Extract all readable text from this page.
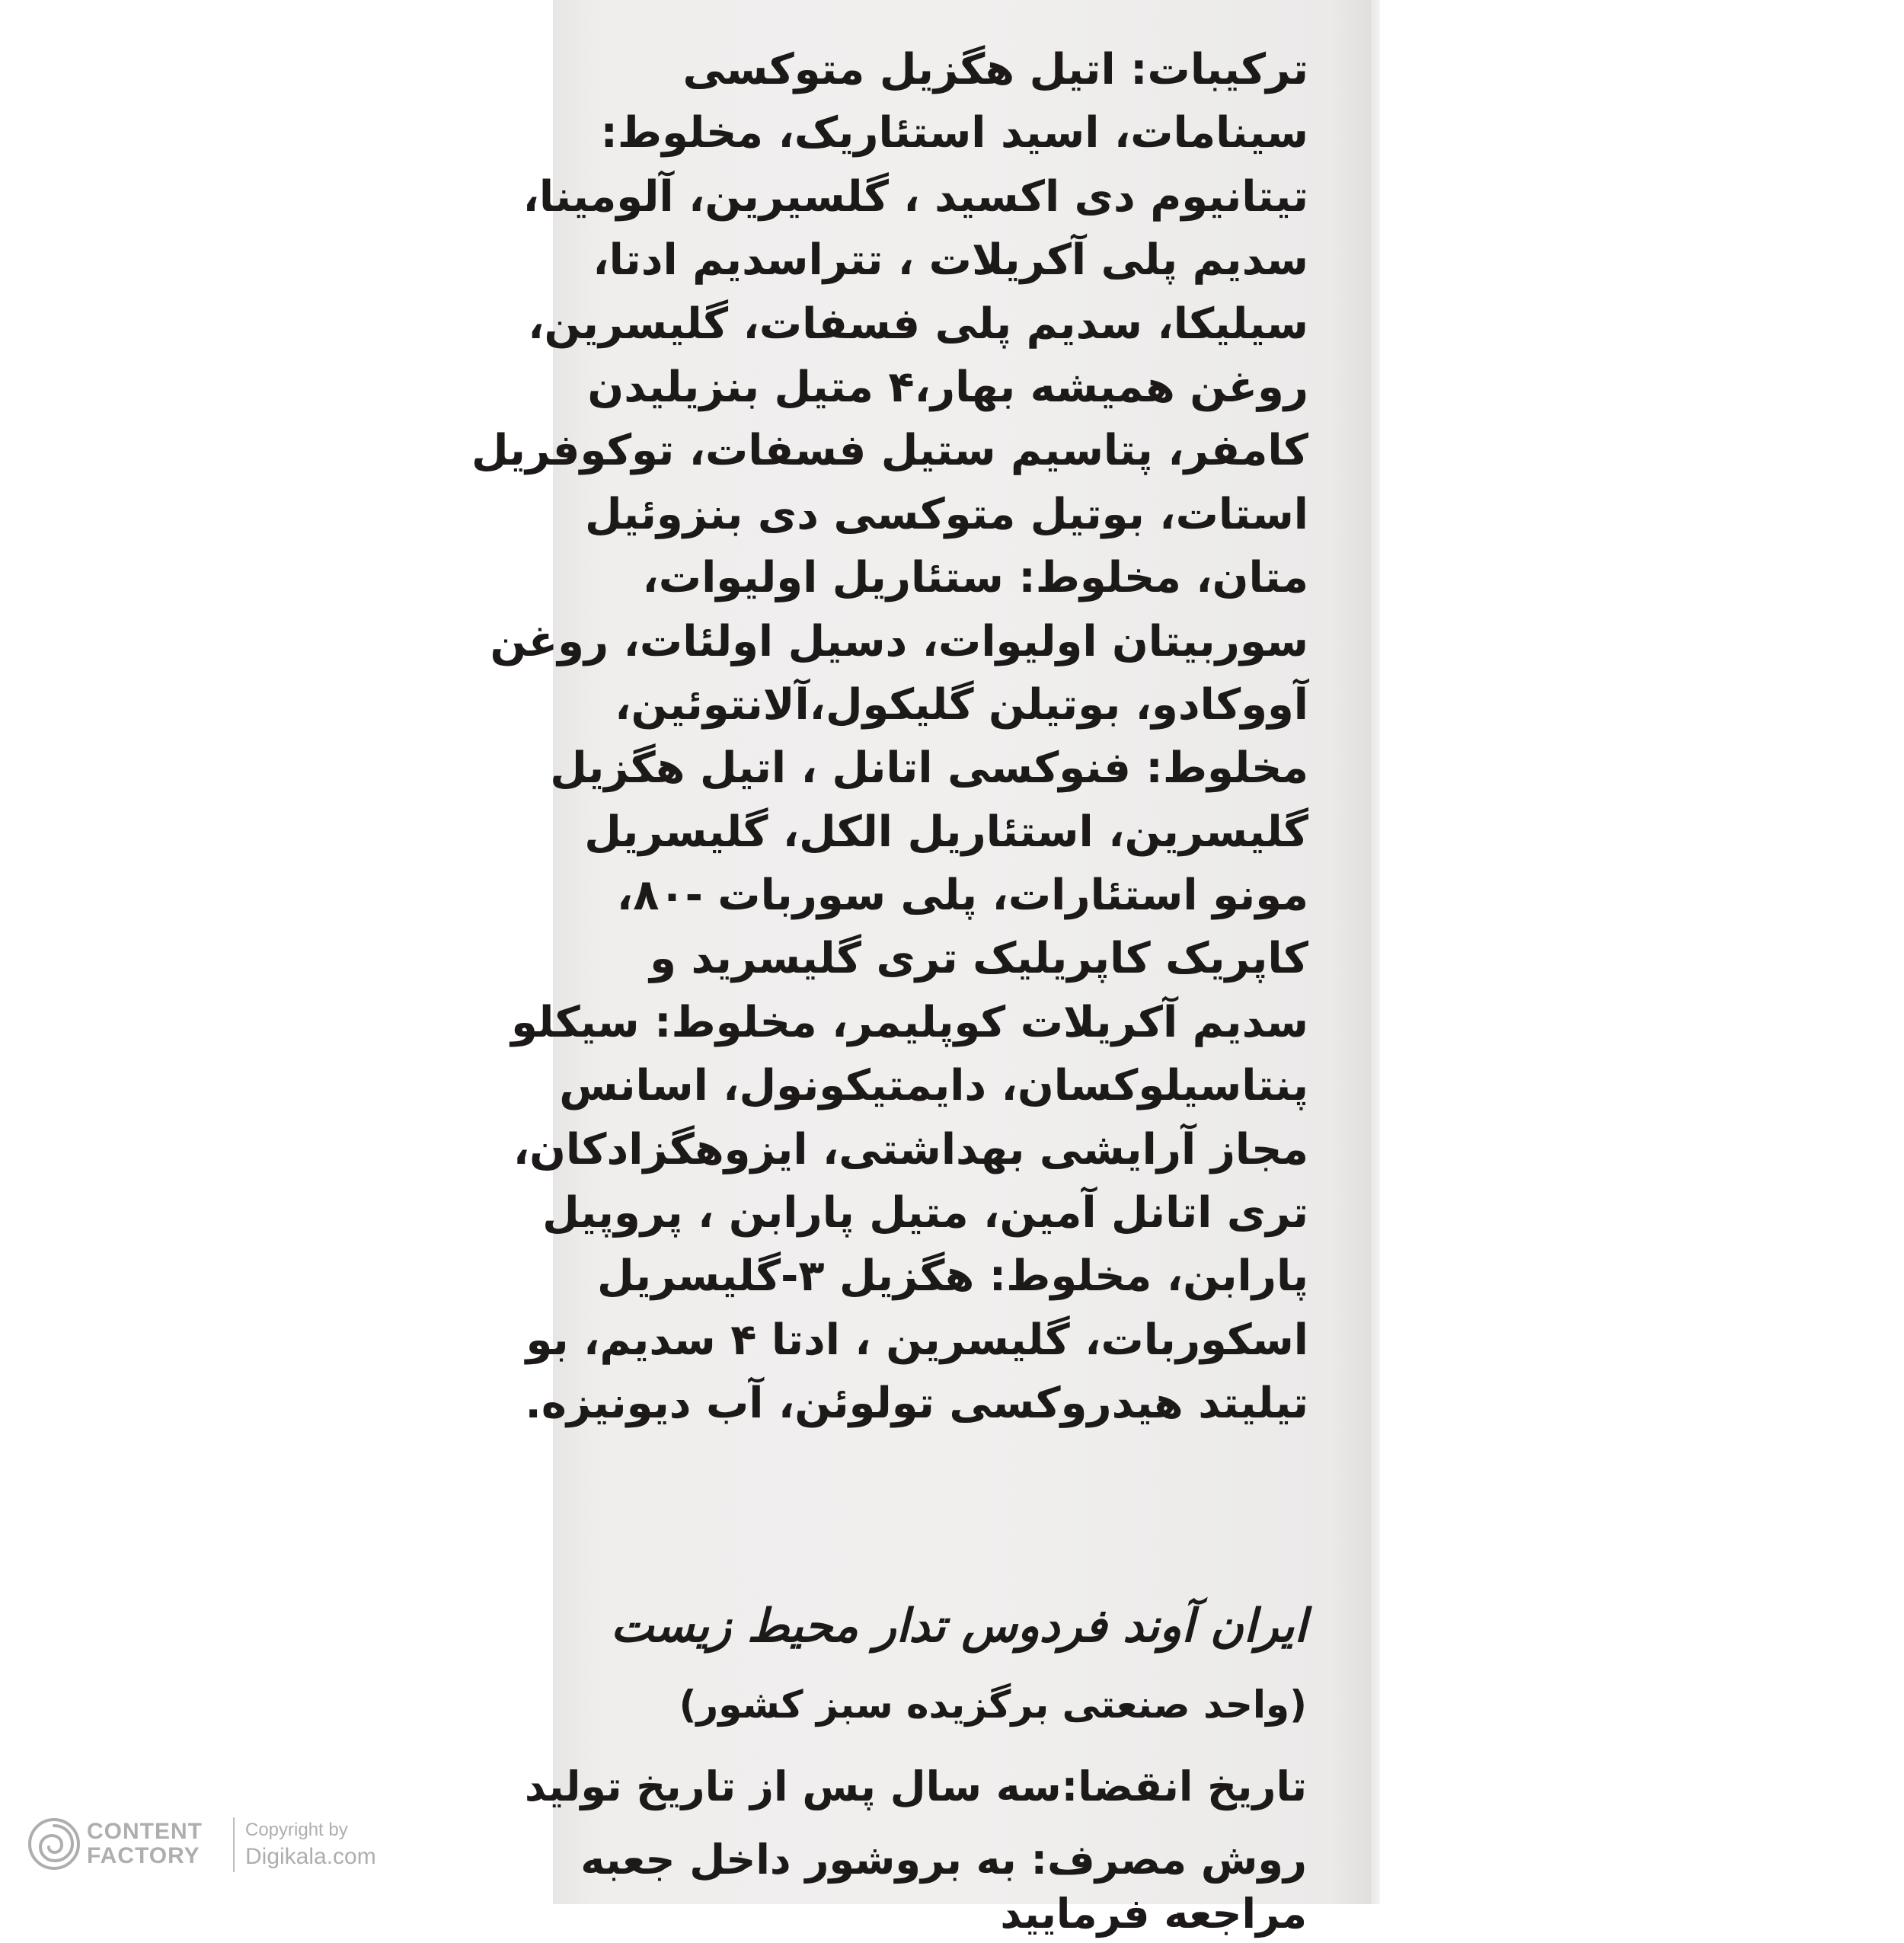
ترکیبات: اتیل هگزیل متوکسی
سینامات، اسید استئاریک، مخلوط:
تیتانیوم دی اکسید ، گلسیرین، آلومینا،
سدیم پلی آکریلات ، تتراسدیم ادتا،
سیلیکا، سدیم پلی فسفات، گلیسرین،
روغن همیشه بهار،۴ متیل بنزیلیدن
کامفر، پتاسیم ستیل فسفات، توکوفریل
استات، بوتیل متوکسی دی بنزوئیل
متان، مخلوط: ستئاریل اولیوات،
سوربیتان اولیوات، دسیل اولئات، روغن
آووکادو، بوتیلن گلیکول،آلانتوئین،
مخلوط: فنوکسی اتانل ، اتیل هگزیل
گلیسرین، استئاریل الکل، گلیسریل
مونو استئارات، پلی سوربات -۸۰،
کاپریک کاپریلیک تری گلیسرید و
سدیم آکریلات کوپلیمر، مخلوط: سیکلو
پنتاسیلوکسان، دایمتیکونول، اسانس
مجاز آرایشی بهداشتی، ایزوهگزادکان،
تری اتانل آمین، متیل پارابن ، پروپیل
پارابن، مخلوط: هگزیل ۳-گلیسریل
اسکوربات، گلیسرین ، ادتا ۴ سدیم، بو
تیلیتد هیدروکسی تولوئن، آب دیونیزه.
ایران آوند فردوس تدار محیط زیست
(واحد صنعتی برگزیده سبز کشور)
تاریخ انقضا:سه سال پس از تاریخ تولید
روش مصرف: به بروشور داخل جعبه
مراجعه فرمایید
CONTENT
FACTORY
Copyright by
Digikala.com
